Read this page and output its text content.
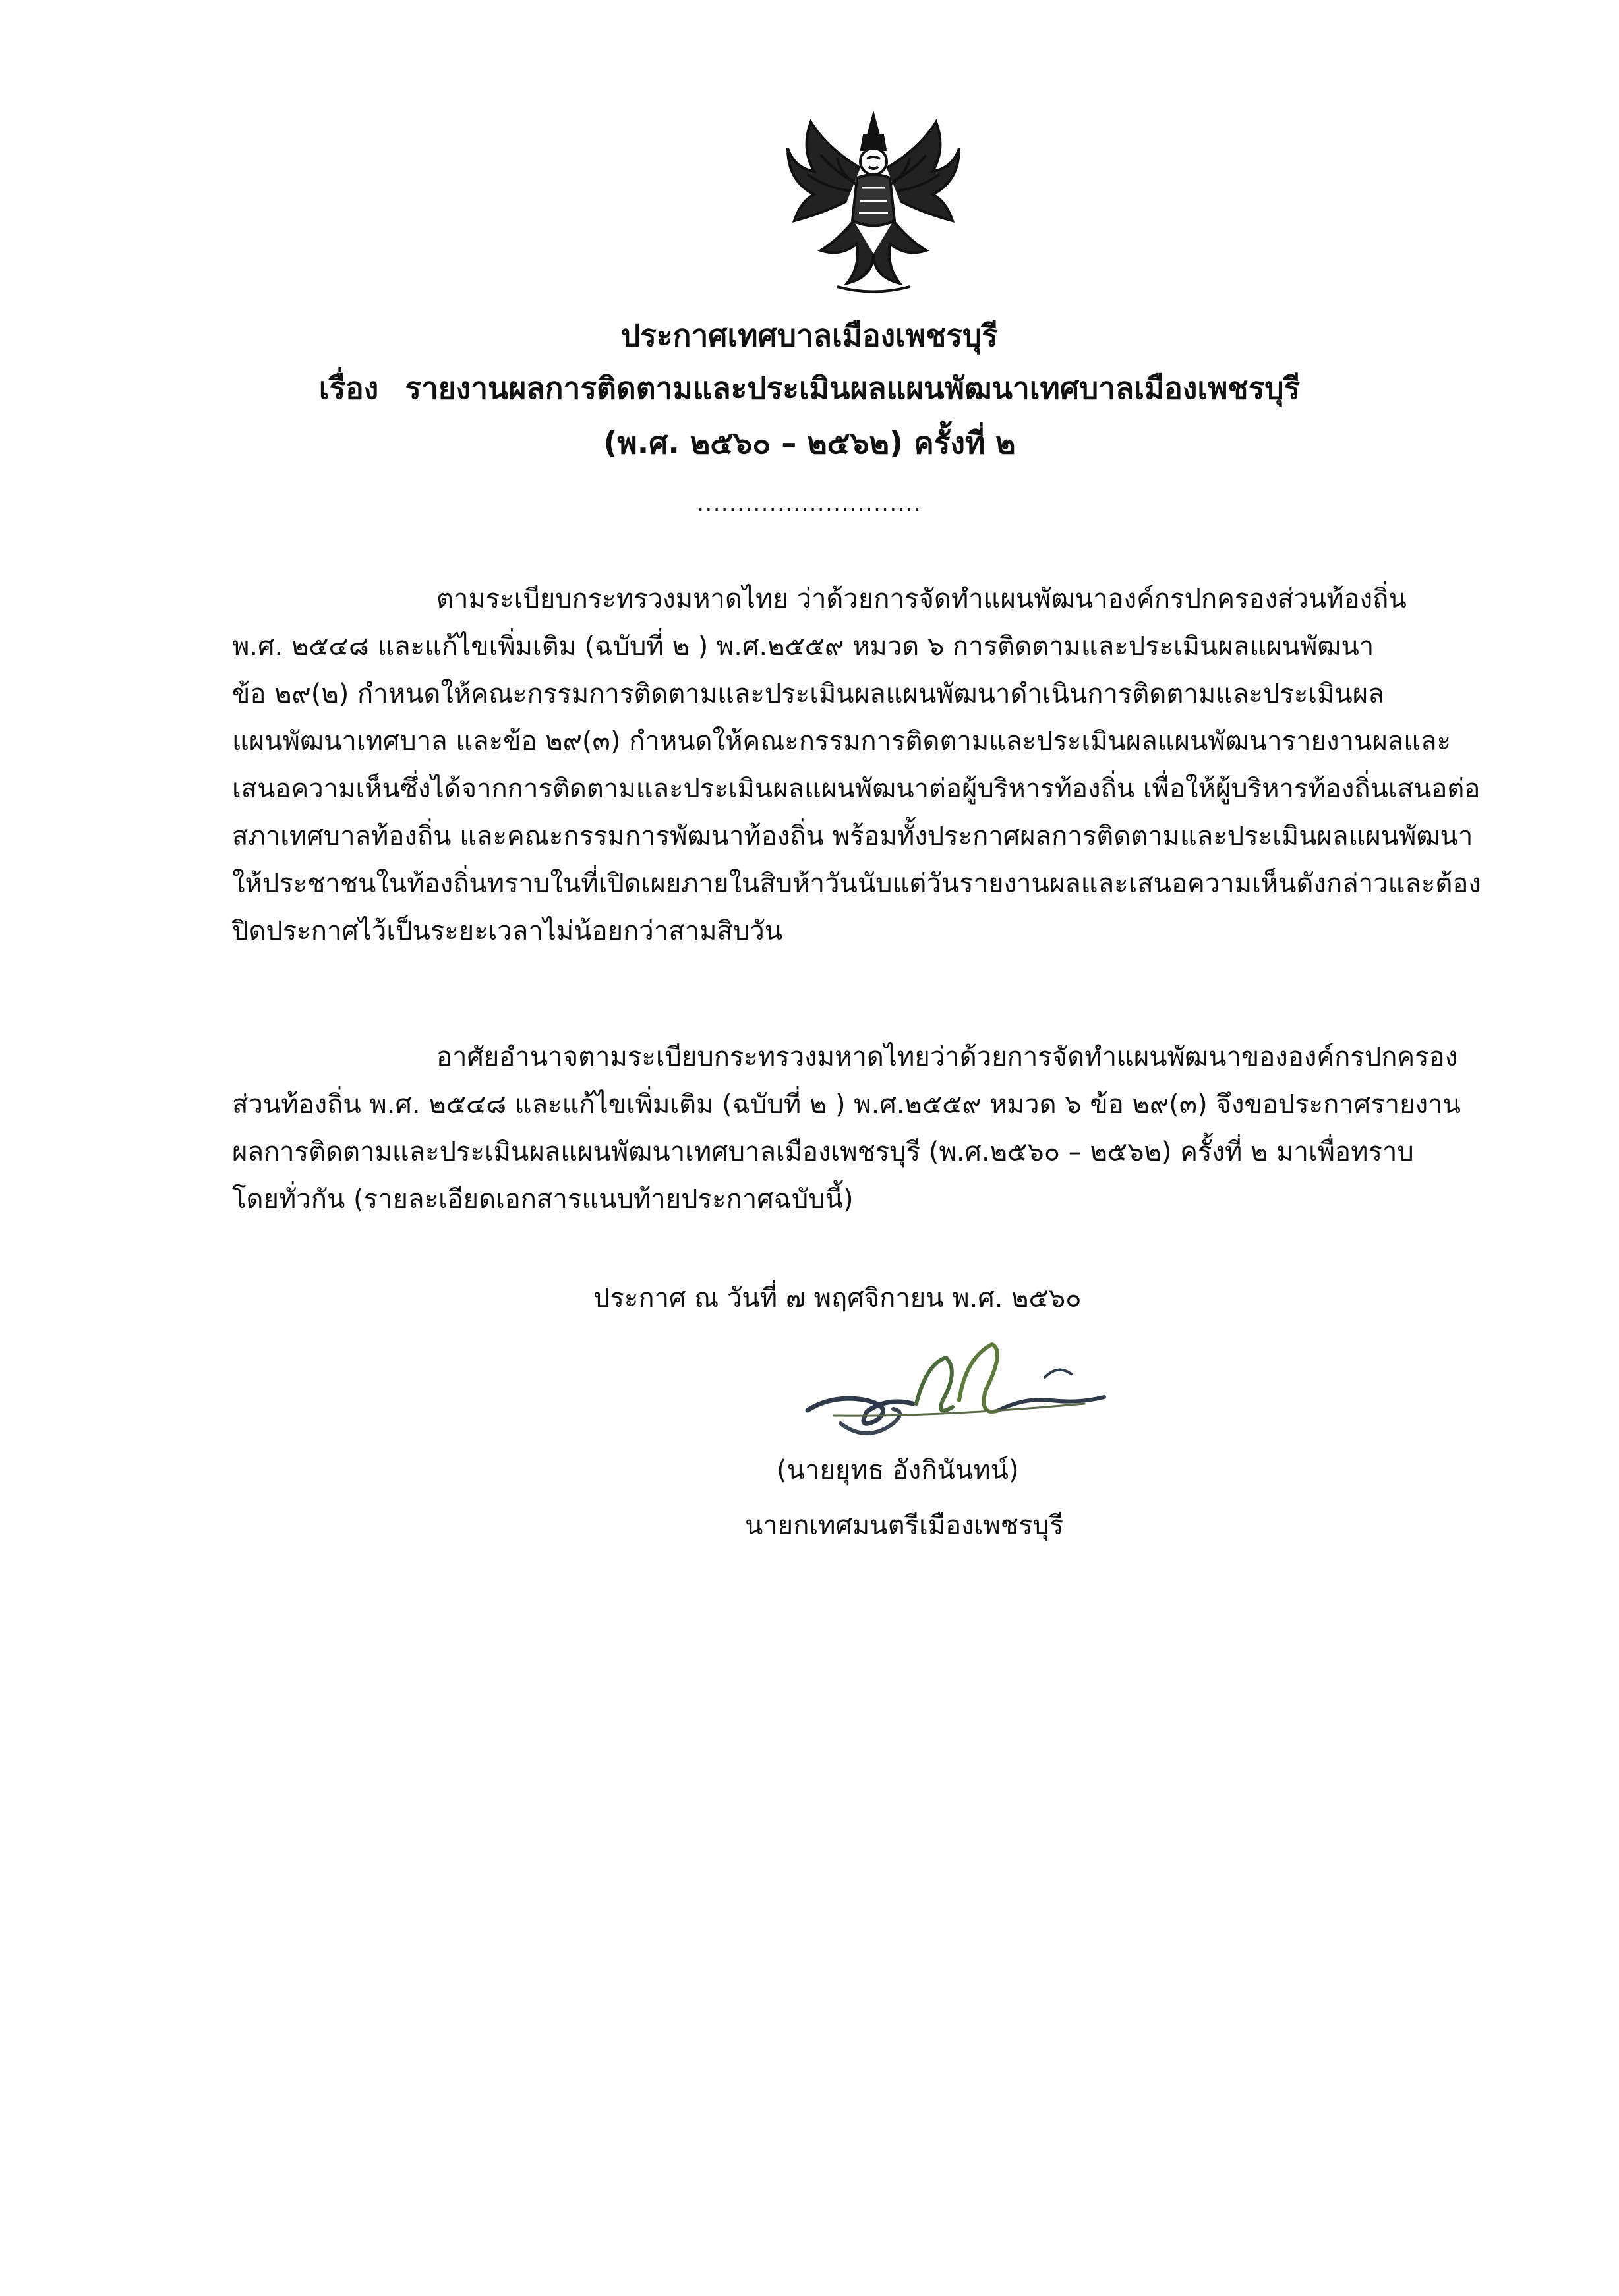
ประกาศเทศบาลเมืองเพชรบุรี
เรื่อง รายงานผลการติดตามและประเมินผลแผนพัฒนาเทศบาลเมืองเพชรบุรี
(พ.ศ. ๒๕๖๐ – ๒๕๖๒) ครั้งที่ ๒
............................
ตามระเบียบกระทรวงมหาดไทย ว่าด้วยการจัดทำแผนพัฒนาองค์กรปกครองส่วนท้องถิ่น
พ.ศ. ๒๕๔๘ และแก้ไขเพิ่มเติม (ฉบับที่ ๒ ) พ.ศ.๒๕๕๙ หมวด ๖ การติดตามและประเมินผลแผนพัฒนา
ข้อ ๒๙(๒) กำหนดให้คณะกรรมการติดตามและประเมินผลแผนพัฒนาดำเนินการติดตามและประเมินผล
แผนพัฒนาเทศบาล และข้อ ๒๙(๓) กำหนดให้คณะกรรมการติดตามและประเมินผลแผนพัฒนารายงานผลและ
เสนอความเห็นซึ่งได้จากการติดตามและประเมินผลแผนพัฒนาต่อผู้บริหารท้องถิ่น เพื่อให้ผู้บริหารท้องถิ่นเสนอต่อ
สภาเทศบาลท้องถิ่น และคณะกรรมการพัฒนาท้องถิ่น พร้อมทั้งประกาศผลการติดตามและประเมินผลแผนพัฒนา
ให้ประชาชนในท้องถิ่นทราบในที่เปิดเผยภายในสิบห้าวันนับแต่วันรายงานผลและเสนอความเห็นดังกล่าวและต้อง
ปิดประกาศไว้เป็นระยะเวลาไม่น้อยกว่าสามสิบวัน
อาศัยอำนาจตามระเบียบกระทรวงมหาดไทยว่าด้วยการจัดทำแผนพัฒนาขององค์กรปกครอง
ส่วนท้องถิ่น พ.ศ. ๒๕๔๘ และแก้ไขเพิ่มเติม (ฉบับที่ ๒ ) พ.ศ.๒๕๕๙ หมวด ๖ ข้อ ๒๙(๓) จึงขอประกาศรายงาน
ผลการติดตามและประเมินผลแผนพัฒนาเทศบาลเมืองเพชรบุรี (พ.ศ.๒๕๖๐ – ๒๕๖๒) ครั้งที่ ๒ มาเพื่อทราบ
โดยทั่วกัน (รายละเอียดเอกสารแนบท้ายประกาศฉบับนี้)
ประกาศ ณ วันที่ ๗ พฤศจิกายน พ.ศ. ๒๕๖๐
(นายยุทธ อังกินันทน์)
นายกเทศมนตรีเมืองเพชรบุรี
